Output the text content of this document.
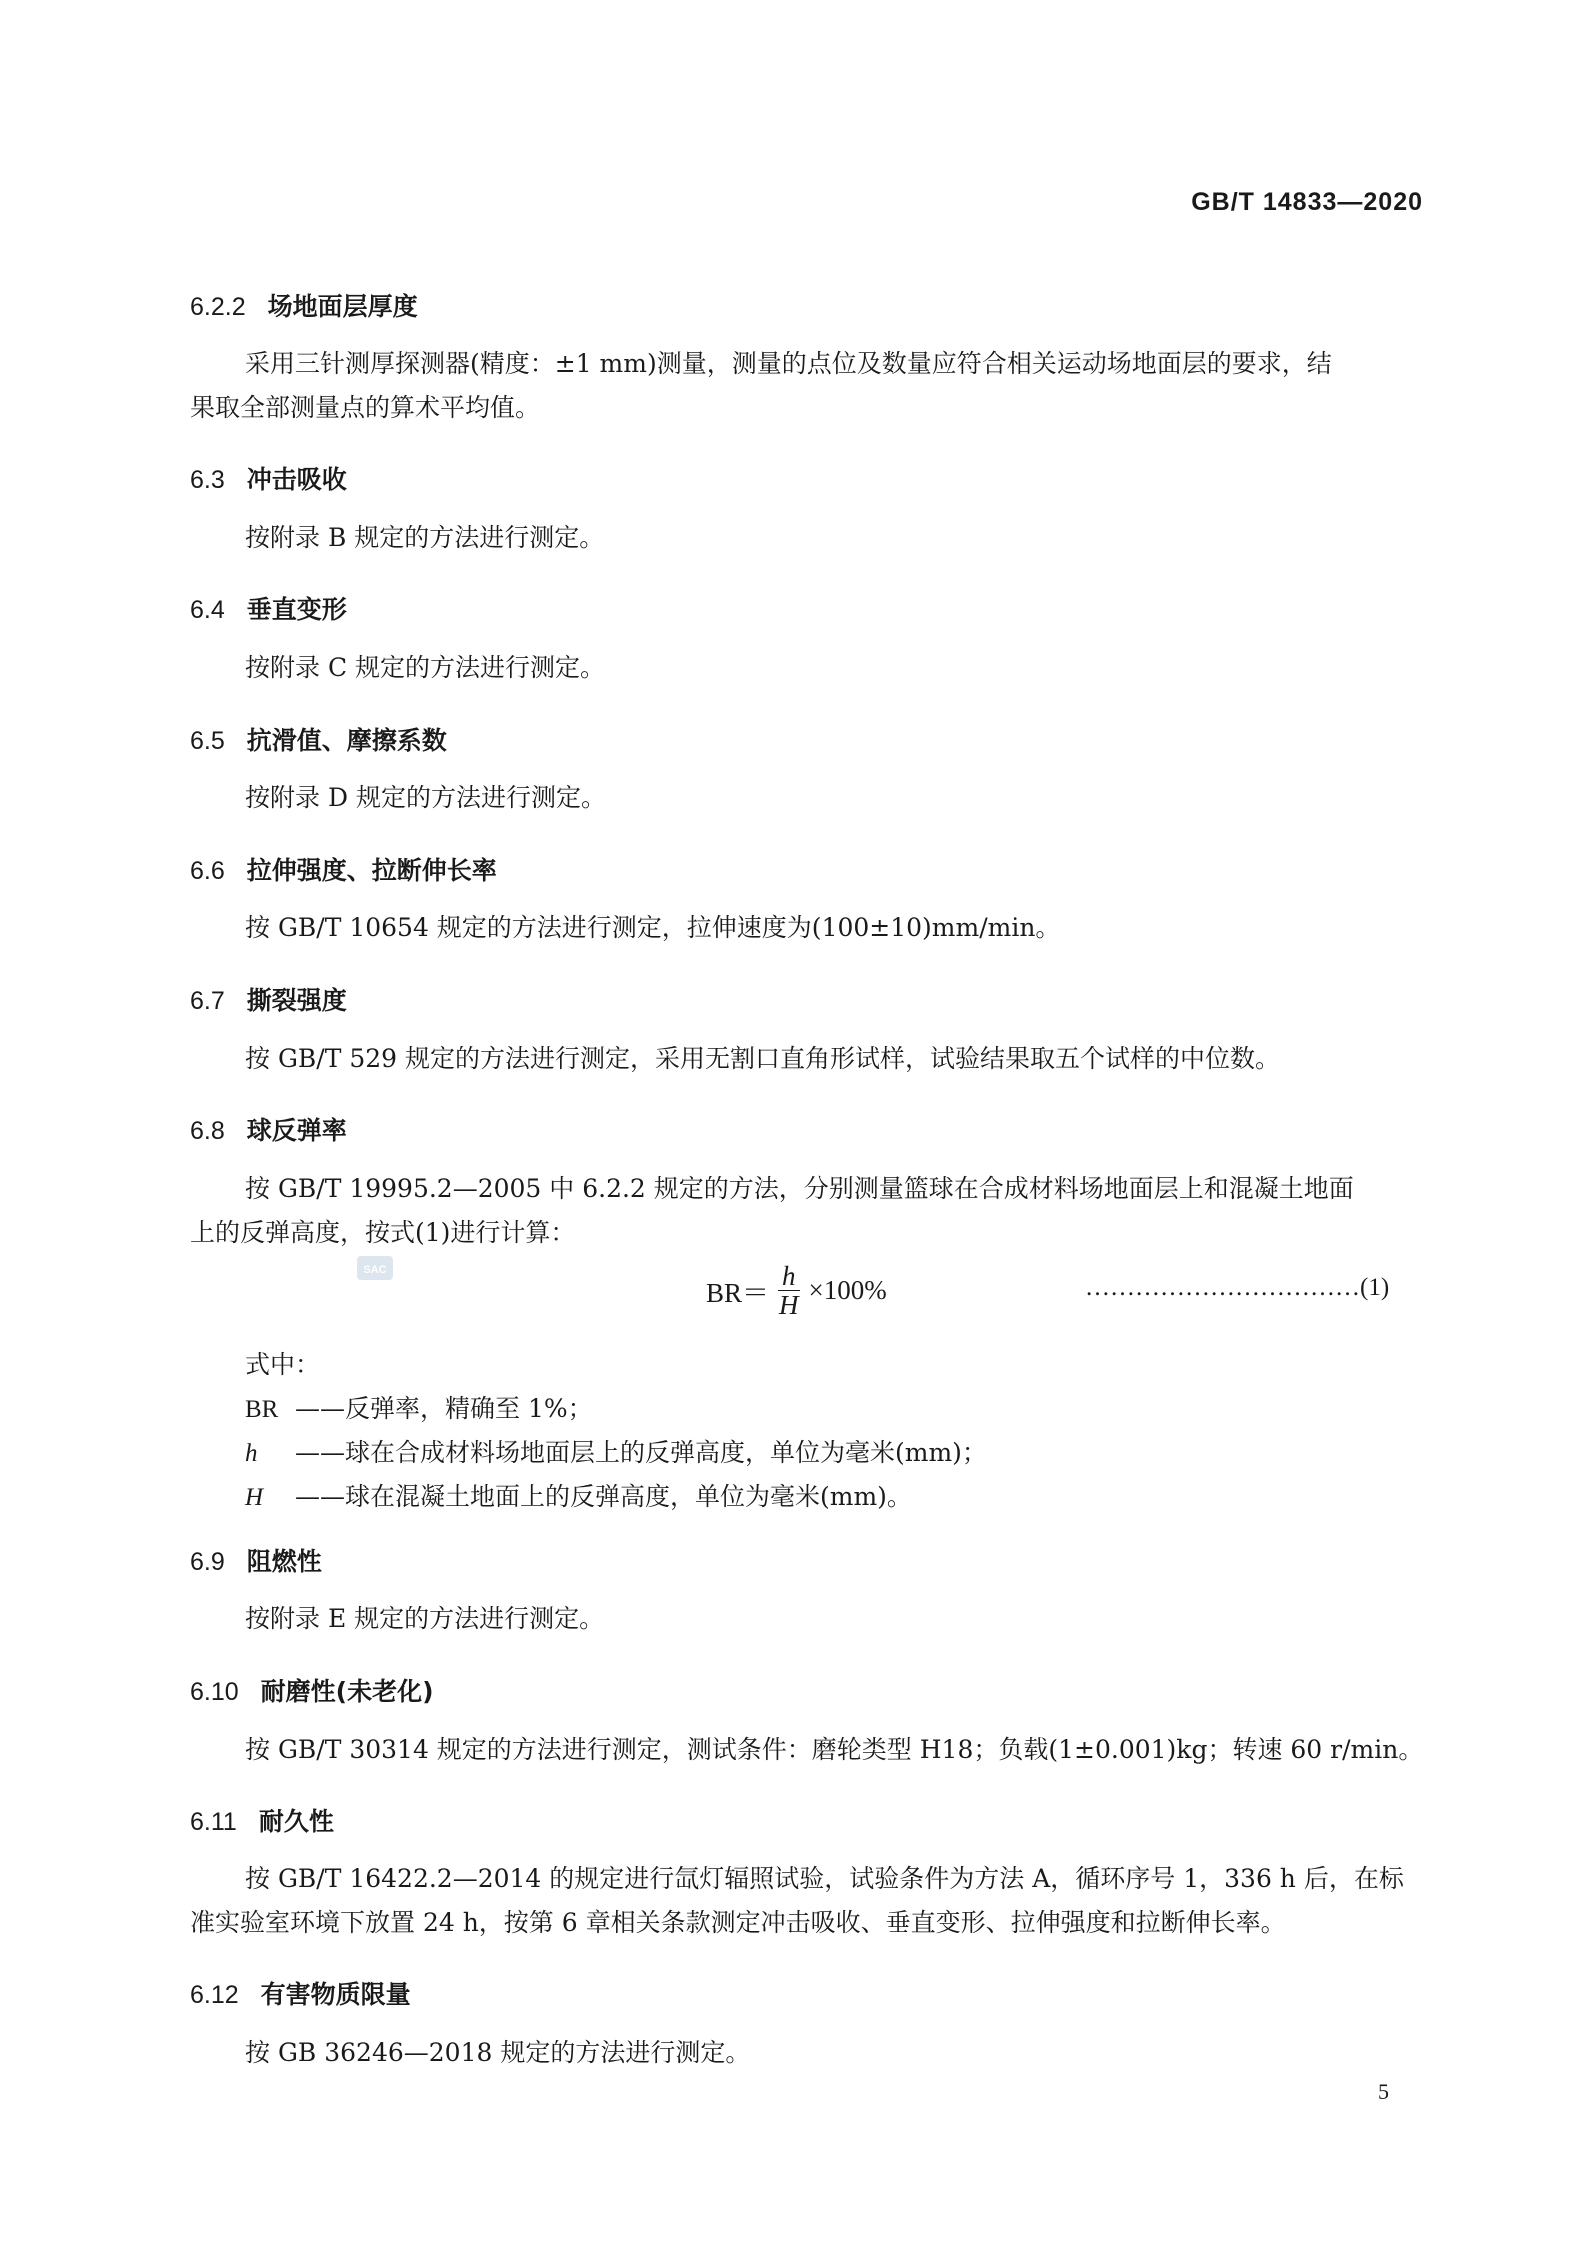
GB/T 14833—2020
6.2.2 场地面层厚度
采用三针测厚探测器(精度：±1 mm)测量，测量的点位及数量应符合相关运动场地面层的要求，结
果取全部测量点的算术平均值。
6.3 冲击吸收
按附录 B 规定的方法进行测定。
6.4 垂直变形
按附录 C 规定的方法进行测定。
6.5 抗滑值、摩擦系数
按附录 D 规定的方法进行测定。
6.6 拉伸强度、拉断伸长率
按 GB/T 10654 规定的方法进行测定，拉伸速度为(100±10)mm/min。
6.7 撕裂强度
按 GB/T 529 规定的方法进行测定，采用无割口直角形试样，试验结果取五个试样的中位数。
6.8 球反弹率
按 GB/T 19995.2—2005 中 6.2.2 规定的方法，分别测量篮球在合成材料场地面层上和混凝土地面
上的反弹高度，按式(1)进行计算：
SAC
$BR= \frac{h}{H} \times 100\%$	……………………………(1)
式中：
BR ——反弹率，精确至 1%；
h ——球在合成材料场地面层上的反弹高度，单位为毫米(mm)；
H ——球在混凝土地面上的反弹高度，单位为毫米(mm)。
6.9 阻燃性
按附录 E 规定的方法进行测定。
6.10 耐磨性(未老化)
按 GB/T 30314 规定的方法进行测定，测试条件：磨轮类型 H18；负载(1±0.001)kg；转速 60 r/min。
6.11 耐久性
按 GB/T 16422.2—2014 的规定进行氙灯辐照试验，试验条件为方法 A，循环序号 1，336 h 后，在标
准实验室环境下放置 24 h，按第 6 章相关条款测定冲击吸收、垂直变形、拉伸强度和拉断伸长率。
6.12 有害物质限量
按 GB 36246—2018 规定的方法进行测定。
5
